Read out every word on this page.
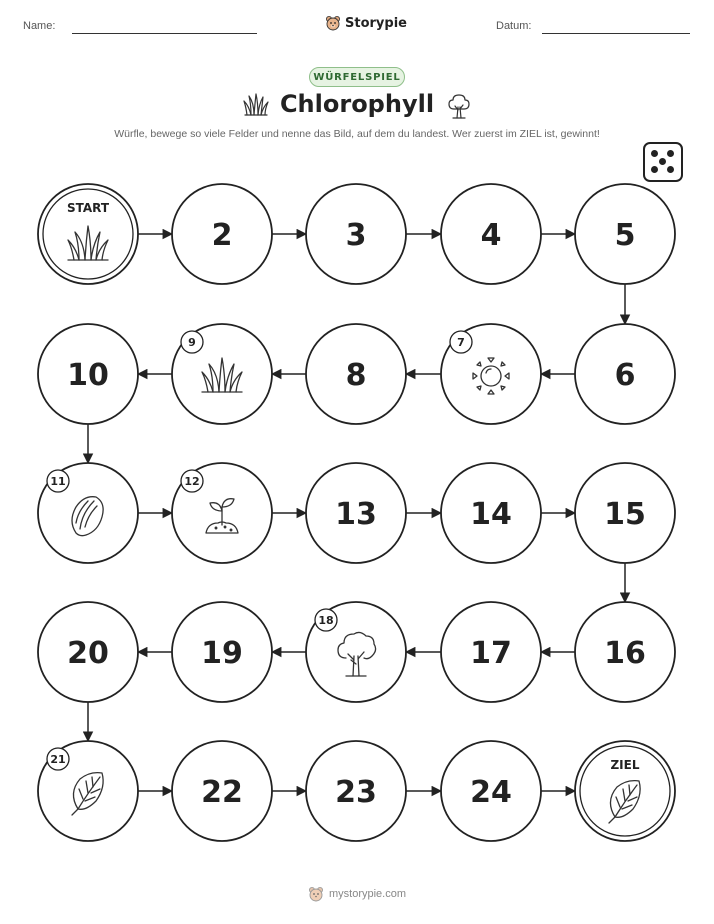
Name:	Storypie	Datum:
WÜRFELSPIEL
Chlorophyll
Würfle, bewege so viele Felder und nenne das Bild, auf dem du landest. Wer zuerst im ZIEL ist, gewinnt!
START
2	3	4	5
10
9
8
7
6
11	12
13	14	15
20	19
18
17	16
21
22	23	24
ZIEL
mystorypie.com
